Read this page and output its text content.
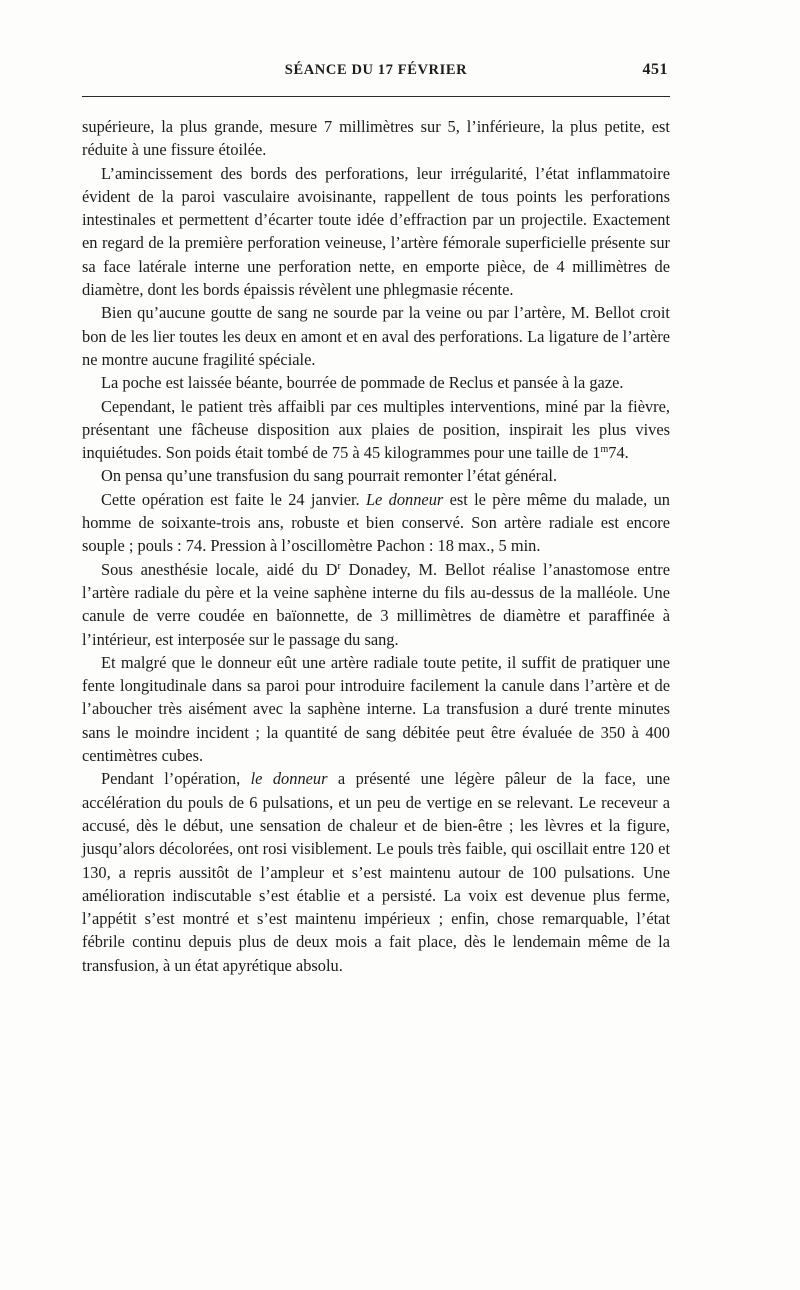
SÉANCE DU 17 FÉVRIER	451

supérieure, la plus grande, mesure 7 millimètres sur 5, l’inférieure, la plus petite, est réduite à une fissure étoilée.

L’amincissement des bords des perforations, leur irrégularité, l’état inflammatoire évident de la paroi vasculaire avoisinante, rappellent de tous points les perforations intestinales et permettent d’écarter toute idée d’effraction par un projectile. Exactement en regard de la première perforation veineuse, l’artère fémorale superficielle présente sur sa face latérale interne une perforation nette, en emporte pièce, de 4 millimètres de diamètre, dont les bords épaissis révèlent une phlegmasie récente.

Bien qu’aucune goutte de sang ne sourde par la veine ou par l’artère, M. Bellot croit bon de les lier toutes les deux en amont et en aval des perforations. La ligature de l’artère ne montre aucune fragilité spéciale.

La poche est laissée béante, bourrée de pommade de Reclus et pansée à la gaze.

Cependant, le patient très affaibli par ces multiples interventions, miné par la fièvre, présentant une fâcheuse disposition aux plaies de position, inspirait les plus vives inquiétudes. Son poids était tombé de 75 à 45 kilogrammes pour une taille de 1$^m$74.

On pensa qu’une transfusion du sang pourrait remonter l’état général.

Cette opération est faite le 24 janvier. Le donneur est le père même du malade, un homme de soixante-trois ans, robuste et bien conservé. Son artère radiale est encore souple ; pouls : 74. Pression à l’oscillomètre Pachon : 18 max., 5 min.

Sous anesthésie locale, aidé du $D^r$ Donadey, M. Bellot réalise l’anastomose entre l’artère radiale du père et la veine saphène interne du fils au-dessus de la malléole. Une canule de verre coudée en baïonnette, de 3 millimètres de diamètre et paraffinée à l’intérieur, est interposée sur le passage du sang.

Et malgré que le donneur eût une artère radiale toute petite, il suffit de pratiquer une fente longitudinale dans sa paroi pour introduire facilement la canule dans l’artère et de l’aboucher très aisément avec la saphène interne. La transfusion a duré trente minutes sans le moindre incident ; la quantité de sang débitée peut être évaluée de 350 à 400 centimètres cubes.

Pendant l’opération, le donneur a présenté une légère pâleur de la face, une accélération du pouls de 6 pulsations, et un peu de vertige en se relevant. Le receveur a accusé, dès le début, une sensation de chaleur et de bien-être ; les lèvres et la figure, jusqu’alors décolorées, ont rosi visiblement. Le pouls très faible, qui oscillait entre 120 et 130, a repris aussitôt de l’ampleur et s’est maintenu autour de 100 pulsations. Une amélioration indiscutable s’est établie et a persisté. La voix est devenue plus ferme, l’appétit s’est montré et s’est maintenu impérieux ; enfin, chose remarquable, l’état fébrile continu depuis plus de deux mois a fait place, dès le lendemain même de la transfusion, à un état apyrétique absolu.
